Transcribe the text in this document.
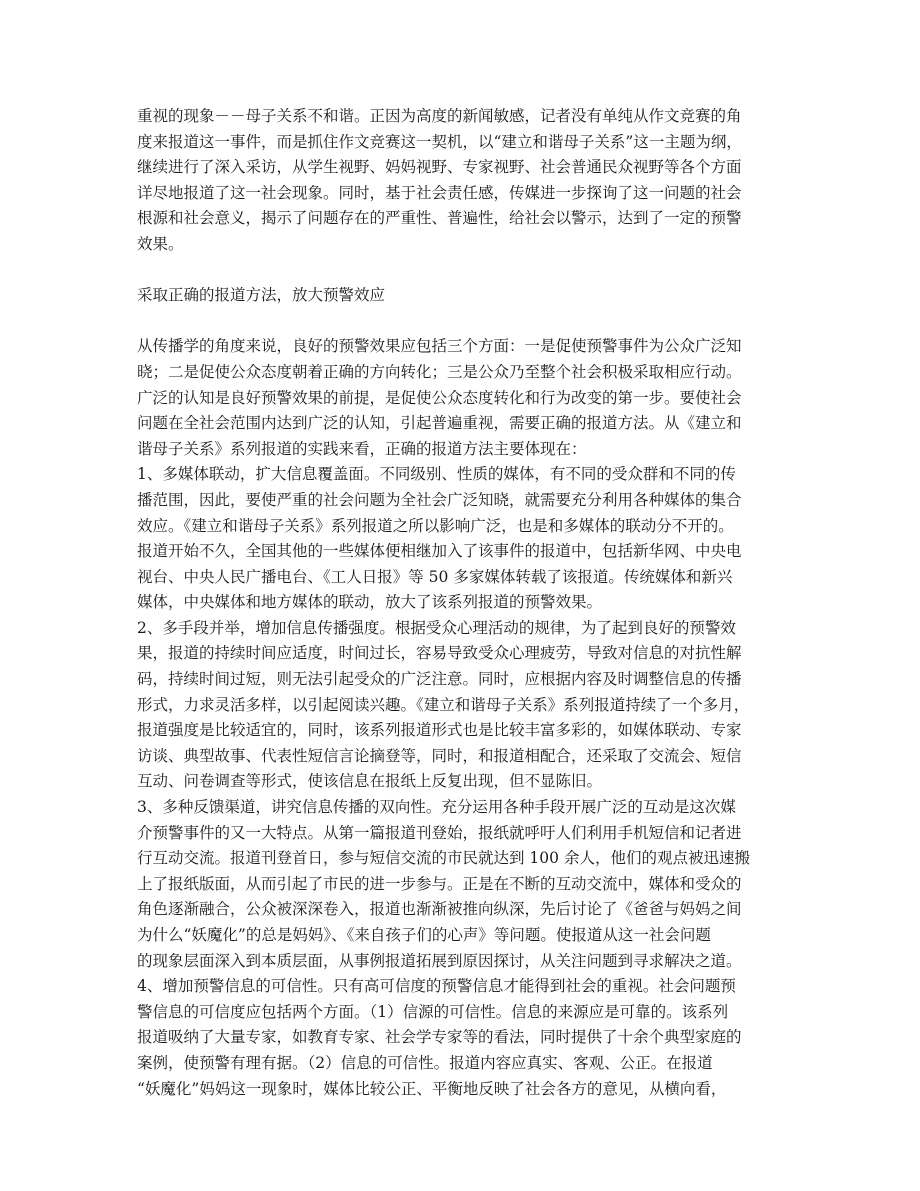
重视的现象－－母子关系不和谐。正因为高度的新闻敏感，记者没有单纯从作文竞赛的角

度来报道这一事件，而是抓住作文竞赛这一契机，以“建立和谐母子关系”这一主题为纲，

继续进行了深入采访，从学生视野、妈妈视野、专家视野、社会普通民众视野等各个方面

详尽地报道了这一社会现象。同时，基于社会责任感，传媒进一步探询了这一问题的社会

根源和社会意义，揭示了问题存在的严重性、普遍性，给社会以警示，达到了一定的预警

效果。

采取正确的报道方法，放大预警效应

从传播学的角度来说，良好的预警效果应包括三个方面：一是促使预警事件为公众广泛知

晓；二是促使公众态度朝着正确的方向转化；三是公众乃至整个社会积极采取相应行动。

广泛的认知是良好预警效果的前提，是促使公众态度转化和行为改变的第一步。要使社会

问题在全社会范围内达到广泛的认知，引起普遍重视，需要正确的报道方法。从《建立和

谐母子关系》系列报道的实践来看，正确的报道方法主要体现在：

1、多媒体联动，扩大信息覆盖面。不同级别、性质的媒体，有不同的受众群和不同的传

播范围，因此，要使严重的社会问题为全社会广泛知晓，就需要充分利用各种媒体的集合

效应。《建立和谐母子关系》系列报道之所以影响广泛，也是和多媒体的联动分不开的。

报道开始不久，全国其他的一些媒体便相继加入了该事件的报道中，包括新华网、中央电

视台、中央人民广播电台、《工人日报》等 50 多家媒体转载了该报道。传统媒体和新兴

媒体，中央媒体和地方媒体的联动，放大了该系列报道的预警效果。

2、多手段并举，增加信息传播强度。根据受众心理活动的规律，为了起到良好的预警效

果，报道的持续时间应适度，时间过长，容易导致受众心理疲劳，导致对信息的对抗性解

码，持续时间过短，则无法引起受众的广泛注意。同时，应根据内容及时调整信息的传播

形式，力求灵活多样，以引起阅读兴趣。《建立和谐母子关系》系列报道持续了一个多月，

报道强度是比较适宜的，同时，该系列报道形式也是比较丰富多彩的，如媒体联动、专家

访谈、典型故事、代表性短信言论摘登等，同时，和报道相配合，还采取了交流会、短信

互动、问卷调查等形式，使该信息在报纸上反复出现，但不显陈旧。

3、多种反馈渠道，讲究信息传播的双向性。充分运用各种手段开展广泛的互动是这次媒

介预警事件的又一大特点。从第一篇报道刊登始，报纸就呼吁人们利用手机短信和记者进

行互动交流。报道刊登首日，参与短信交流的市民就达到 100 余人，他们的观点被迅速搬

上了报纸版面，从而引起了市民的进一步参与。正是在不断的互动交流中，媒体和受众的

角色逐渐融合，公众被深深卷入，报道也渐渐被推向纵深，先后讨论了《爸爸与妈妈之间

为什么“妖魔化”的总是妈妈》、《来自孩子们的心声》等问题。使报道从这一社会问题

的现象层面深入到本质层面，从事例报道拓展到原因探讨，从关注问题到寻求解决之道。

4、增加预警信息的可信性。只有高可信度的预警信息才能得到社会的重视。社会问题预

警信息的可信度应包括两个方面。（1）信源的可信性。信息的来源应是可靠的。该系列

报道吸纳了大量专家，如教育专家、社会学专家等的看法，同时提供了十余个典型家庭的

案例，使预警有理有据。（2）信息的可信性。报道内容应真实、客观、公正。在报道

“妖魔化”妈妈这一现象时，媒体比较公正、平衡地反映了社会各方的意见，从横向看，
